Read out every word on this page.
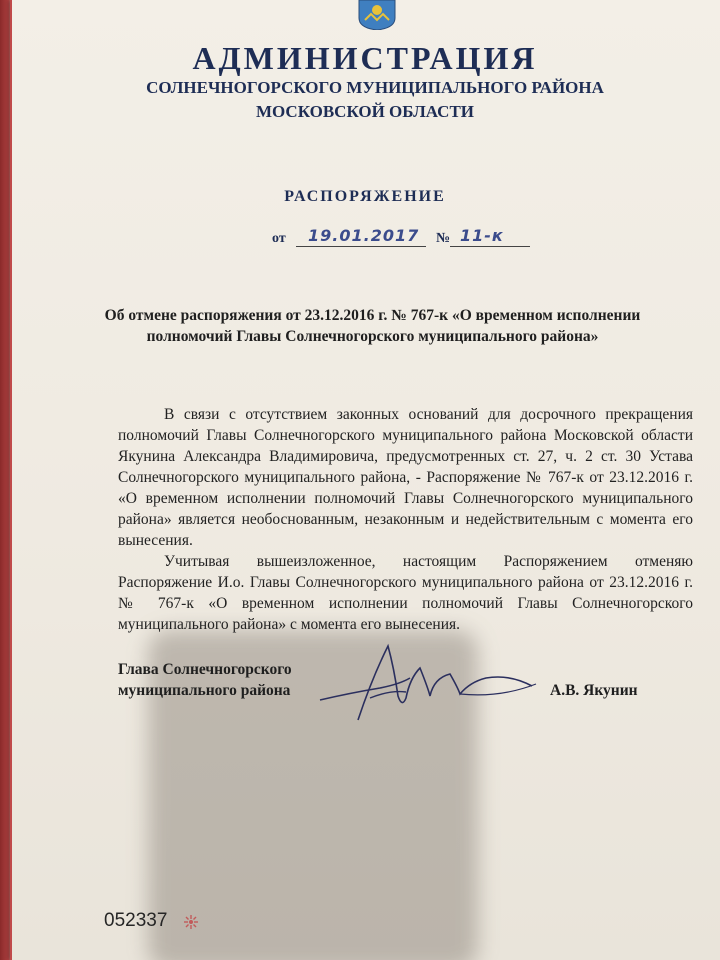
АДМИНИСТРАЦИЯ
СОЛНЕЧНОГОРСКОГО МУНИЦИПАЛЬНОГО РАЙОНА
МОСКОВСКОЙ ОБЛАСТИ
РАСПОРЯЖЕНИЕ
от 19.01.2017 № 11-к
Об отмене распоряжения от 23.12.2016 г. № 767-к «О временном исполнении полномочий Главы Солнечногорского муниципального района»

В связи с отсутствием законных оснований для досрочного прекращения полномочий Главы Солнечногорского муниципального района Московской области Якунина Александра Владимировича, предусмотренных ст. 27, ч. 2 ст. 30 Устава Солнечногорского муниципального района, - Распоряжение № 767-к от 23.12.2016 г. «О временном исполнении полномочий Главы Солнечногорского муниципального района» является необоснованным, незаконным и недействительным с момента его вынесения.

Учитывая вышеизложенное, настоящим Распоряжением отменяю Распоряжение И.о. Главы Солнечногорского муниципального района от 23.12.2016 г. № 767-к «О временном исполнении полномочий Главы Солнечногорского муниципального района» с момента его вынесения.

Глава Солнечногорского
муниципального района	А.В. Якунин
052337
